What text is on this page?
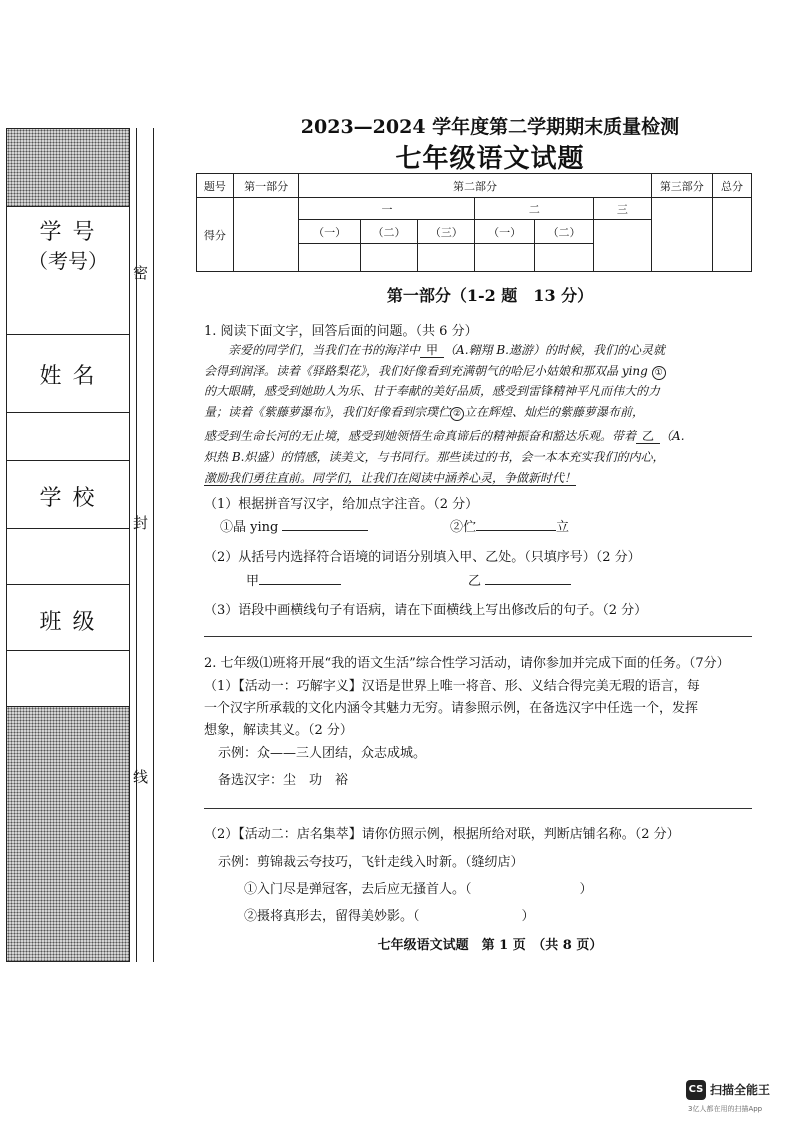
学 号
（考号）
姓 名
学 校
班 级
密
封
线
2023—2024 学年度第二学期期末质量检测
七年级语文试题
题号	第一部分	第二部分						第三部分	总分
得分		一			二		三		
		（一）	（二）	（三）	（一）	（二）			

第一部分（1-2 题　13 分）
1. 阅读下面文字，回答后面的问题。（共 6 分）
亲爱的同学们，当我们在书的海洋中 甲 （A.翱翔 B.遨游）的时候，我们的心灵就
会得到润泽。读着《驿路梨花》，我们好像看到充满朝气的哈尼小姑娘和那双晶 ying ①
的大眼睛，感受到她助人为乐、甘于奉献的美好品质，感受到雷锋精神平凡而伟大的力
量；读着《紫藤萝瀑布》，我们好像看到宗璞伫 ② 立在辉煌、灿烂的紫藤萝瀑布前，
感受到生命长河的无止境，感受到她领悟生命真谛后的精神振奋和豁达乐观。带着 乙 （A.
炽热 B.炽盛）的情感，读美文，与书同行。那些读过的书，会一本本充实我们的内心，
激励我们勇往直前。同学们，让我们在阅读中涵养心灵，争做新时代！
（1）根据拼音写汉字，给加点字注音。（2 分）
①晶 ying	②伫	立
（2）从括号内选择符合语境的词语分别填入甲、乙处。（只填序号）（2 分）
甲	乙
（3）语段中画横线句子有语病，请在下面横线上写出修改后的句子。（2 分）
2. 七年级⑴班将开展“我的语文生活”综合性学习活动，请你参加并完成下面的任务。（7分）
（1）【活动一：巧解字义】汉语是世界上唯一将音、形、义结合得完美无瑕的语言，每
一个汉字所承载的文化内涵令其魅力无穷。请参照示例，在备选汉字中任选一个，发挥
想象，解读其义。（2 分）
示例：众——三人团结，众志成城。
备选汉字：尘　功　裕
（2）【活动二：店名集萃】请你仿照示例，根据所给对联，判断店铺名称。（2 分）
示例：剪锦裁云夸技巧，飞针走线入时新。（缝纫店）
①入门尽是弹冠客，去后应无搔首人。（	）
②摄将真形去，留得美妙影。（	）
七年级语文试题　第 1 页　（共 8 页）
CS 扫描全能王
3亿人都在用的扫描App
